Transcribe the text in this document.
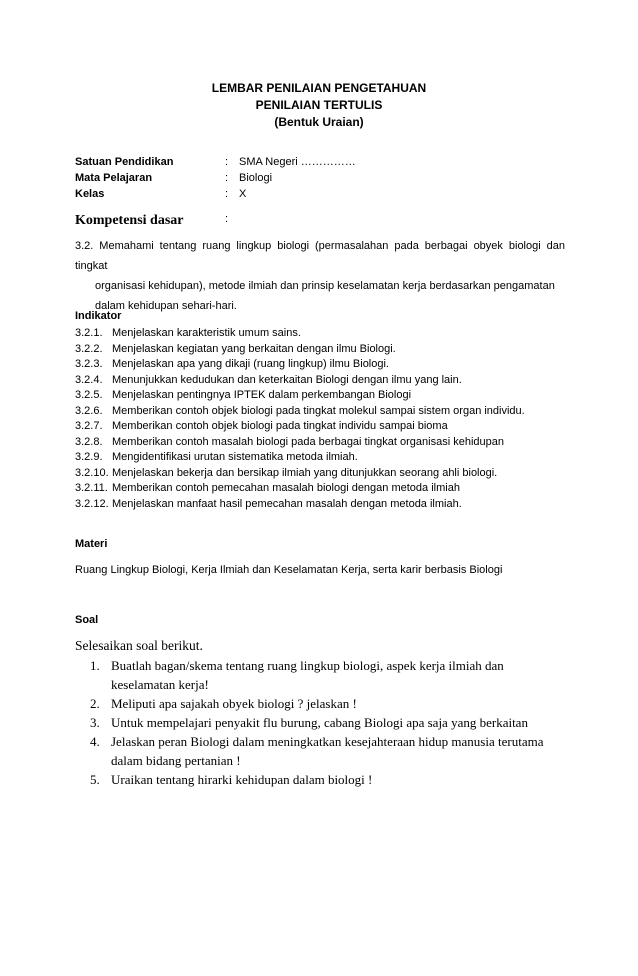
LEMBAR PENILAIAN PENGETAHUAN
PENILAIAN TERTULIS
(Bentuk Uraian)
Satuan Pendidikan	: SMA Negeri ……………
Mata Pelajaran	: Biologi
Kelas	: X
Kompetensi dasar	:
3.2. Memahami tentang ruang lingkup biologi (permasalahan pada berbagai obyek biologi dan tingkat
organisasi kehidupan), metode ilmiah dan prinsip keselamatan kerja berdasarkan pengamatan
dalam kehidupan sehari-hari.
Indikator
3.2.1. Menjelaskan karakteristik umum sains.
3.2.2. Menjelaskan kegiatan yang berkaitan dengan ilmu Biologi.
3.2.3. Menjelaskan apa yang dikaji (ruang lingkup) ilmu Biologi.
3.2.4. Menunjukkan kedudukan dan keterkaitan Biologi dengan ilmu yang lain.
3.2.5. Menjelaskan pentingnya IPTEK dalam perkembangan Biologi
3.2.6. Memberikan contoh objek biologi pada tingkat molekul sampai sistem organ individu.
3.2.7. Memberikan contoh objek biologi pada tingkat individu sampai bioma
3.2.8. Memberikan contoh masalah biologi pada berbagai tingkat organisasi kehidupan
3.2.9. Mengidentifikasi urutan sistematika metoda ilmiah.
3.2.10. Menjelaskan bekerja dan bersikap ilmiah yang ditunjukkan seorang ahli biologi.
3.2.11. Memberikan contoh pemecahan masalah biologi dengan metoda ilmiah
3.2.12. Menjelaskan manfaat hasil pemecahan masalah dengan metoda ilmiah.
Materi
Ruang Lingkup Biologi, Kerja Ilmiah dan Keselamatan Kerja, serta karir berbasis Biologi
Soal
Selesaikan soal berikut.
1. Buatlah bagan/skema tentang ruang lingkup biologi, aspek kerja ilmiah dan keselamatan kerja!
2. Meliputi apa sajakah obyek biologi ? jelaskan !
3. Untuk mempelajari penyakit flu burung, cabang Biologi apa saja yang berkaitan
4. Jelaskan peran Biologi dalam meningkatkan kesejahteraan hidup manusia terutama dalam bidang pertanian !
5. Uraikan tentang hirarki kehidupan dalam biologi !
